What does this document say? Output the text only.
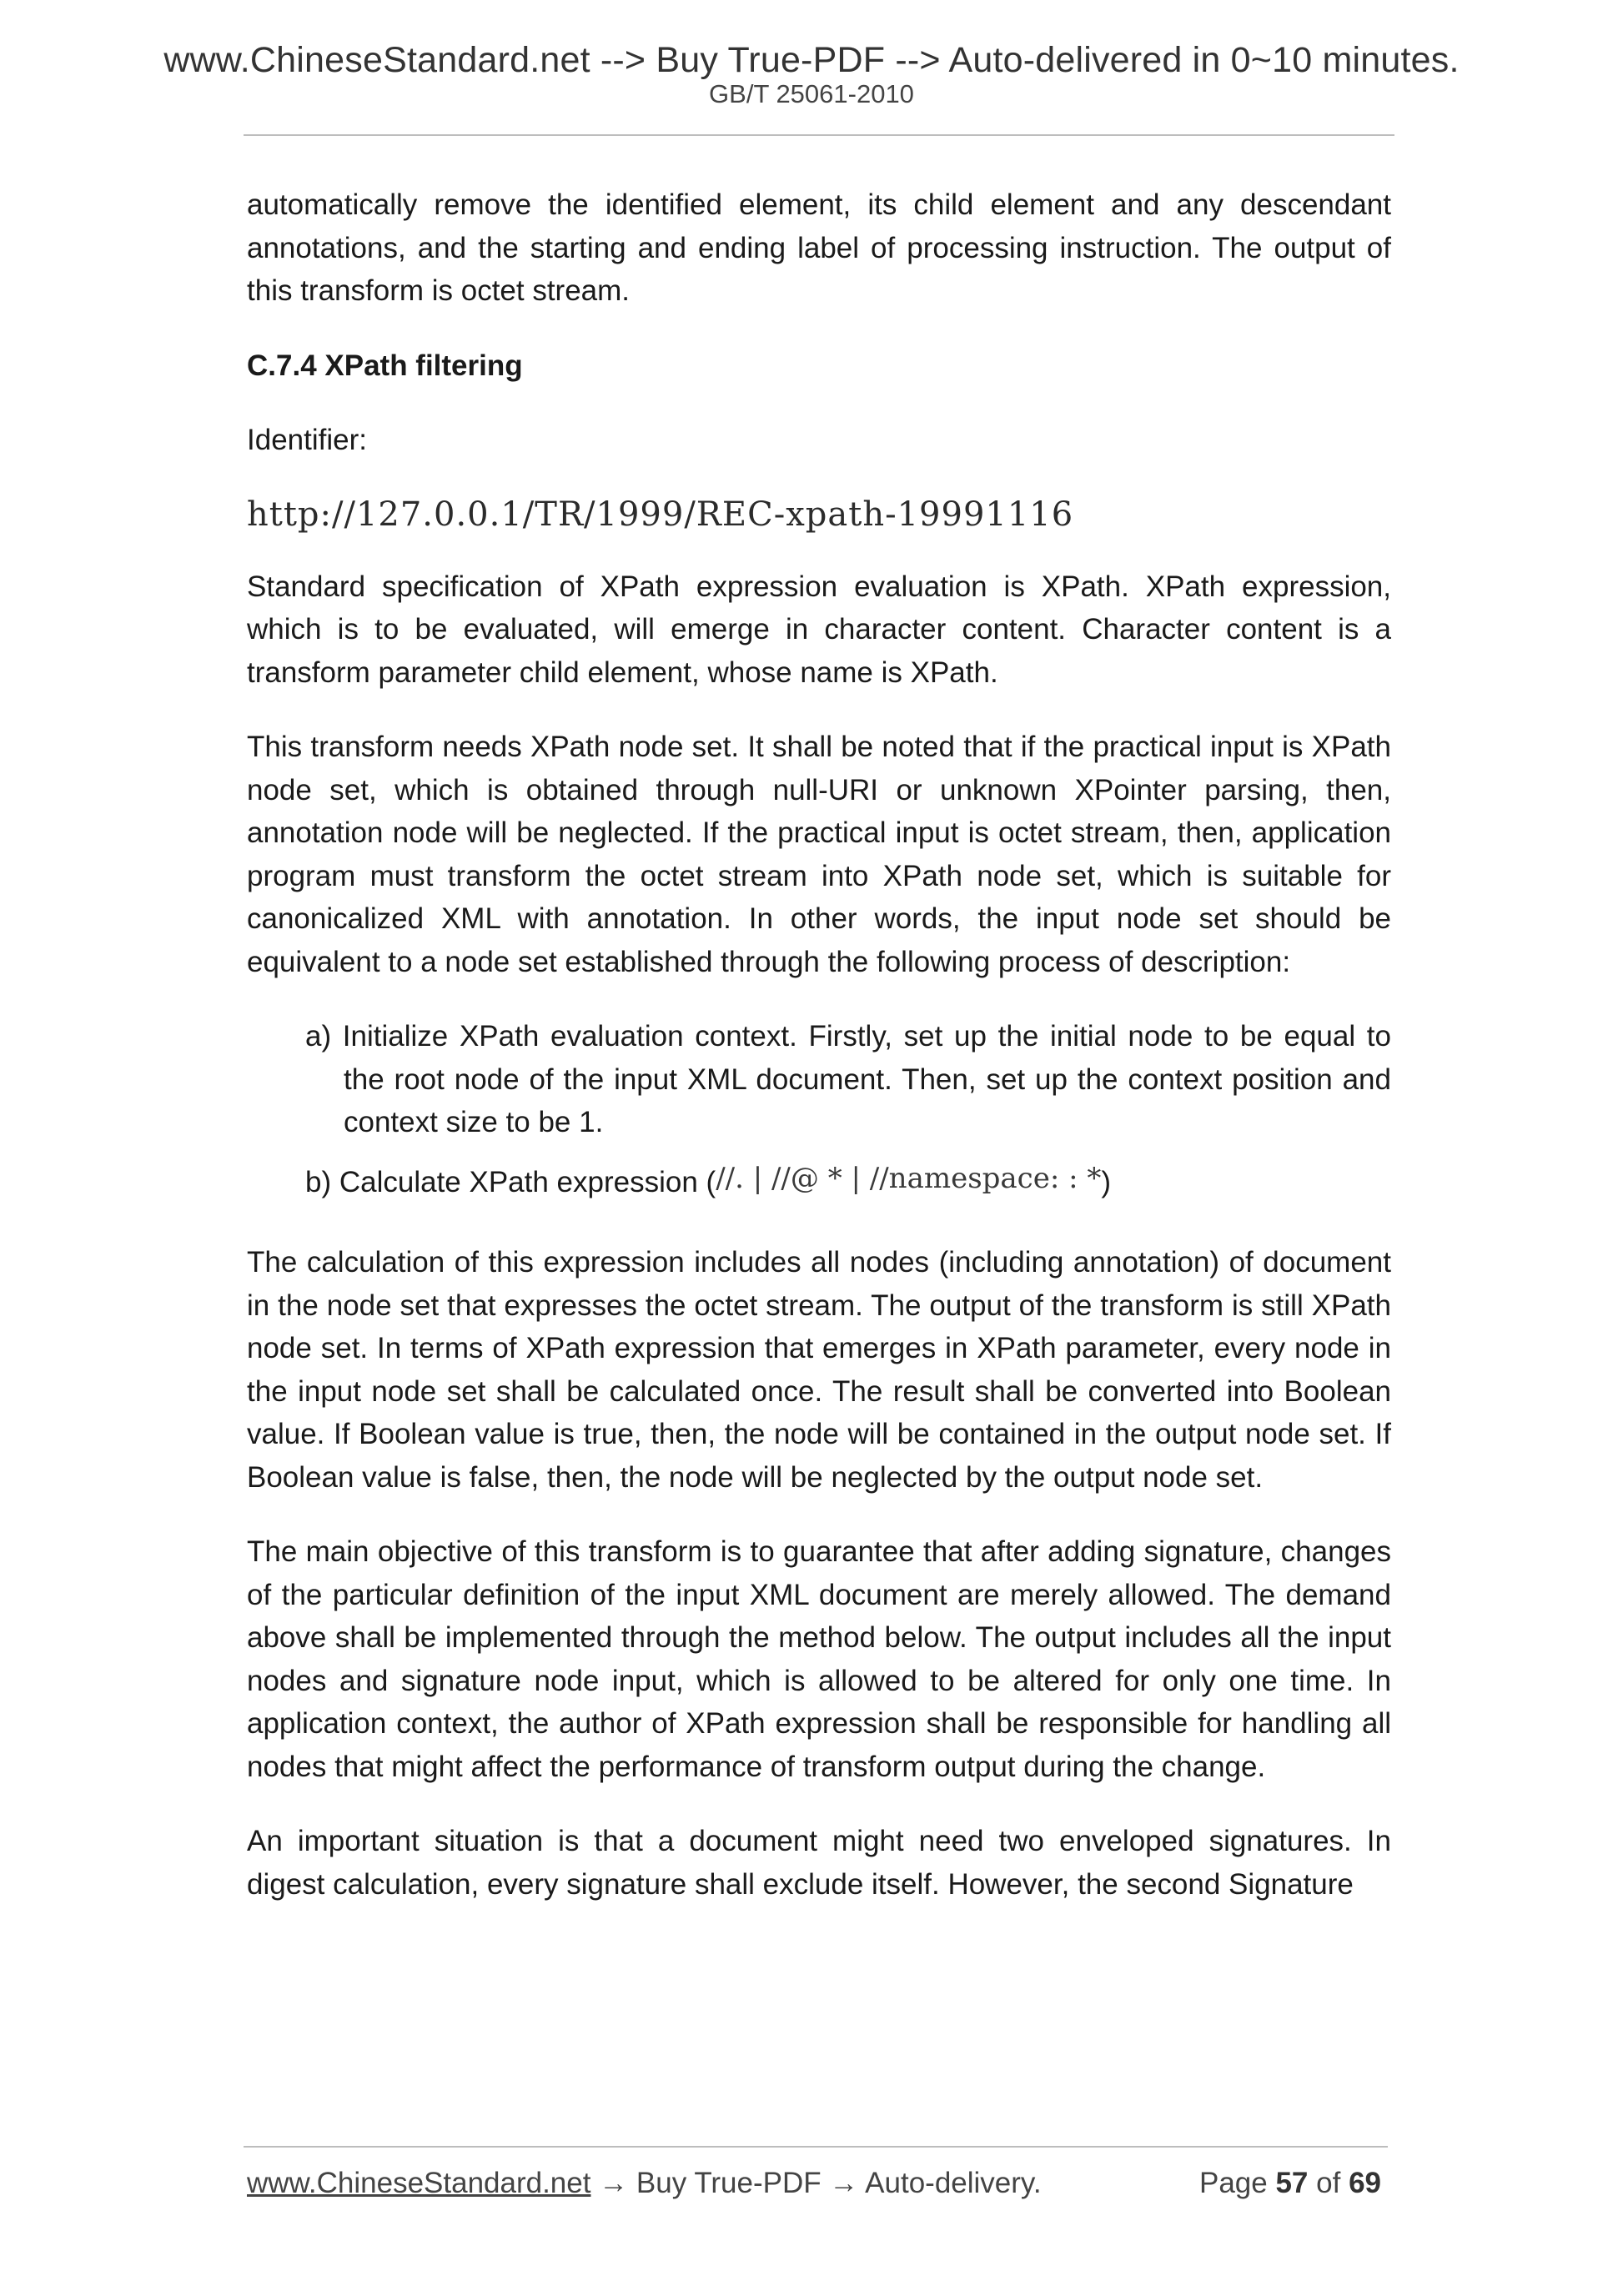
www.ChineseStandard.net --> Buy True-PDF --> Auto-delivered in 0~10 minutes.
GB/T 25061-2010

automatically remove the identified element, its child element and any descendant annotations, and the starting and ending label of processing instruction. The output of this transform is octet stream.

C.7.4 XPath filtering

Identifier:

http://127.0.0.1/TR/1999/REC-xpath-19991116

Standard specification of XPath expression evaluation is XPath. XPath expression, which is to be evaluated, will emerge in character content. Character content is a transform parameter child element, whose name is XPath.

This transform needs XPath node set. It shall be noted that if the practical input is XPath node set, which is obtained through null-URI or unknown XPointer parsing, then, annotation node will be neglected. If the practical input is octet stream, then, application program must transform the octet stream into XPath node set, which is suitable for canonicalized XML with annotation. In other words, the input node set should be equivalent to a node set established through the following process of description:

a) Initialize XPath evaluation context. Firstly, set up the initial node to be equal to the root node of the input XML document. Then, set up the context position and context size to be 1.

b) Calculate XPath expression (//. | //@ * | //namespace: : *)

The calculation of this expression includes all nodes (including annotation) of document in the node set that expresses the octet stream. The output of the transform is still XPath node set. In terms of XPath expression that emerges in XPath parameter, every node in the input node set shall be calculated once. The result shall be converted into Boolean value. If Boolean value is true, then, the node will be contained in the output node set. If Boolean value is false, then, the node will be neglected by the output node set.

The main objective of this transform is to guarantee that after adding signature, changes of the particular definition of the input XML document are merely allowed. The demand above shall be implemented through the method below. The output includes all the input nodes and signature node input, which is allowed to be altered for only one time. In application context, the author of XPath expression shall be responsible for handling all nodes that might affect the performance of transform output during the change.

An important situation is that a document might need two enveloped signatures. In digest calculation, every signature shall exclude itself. However, the second Signature

www.ChineseStandard.net → Buy True-PDF → Auto-delivery.	Page 57 of 69
